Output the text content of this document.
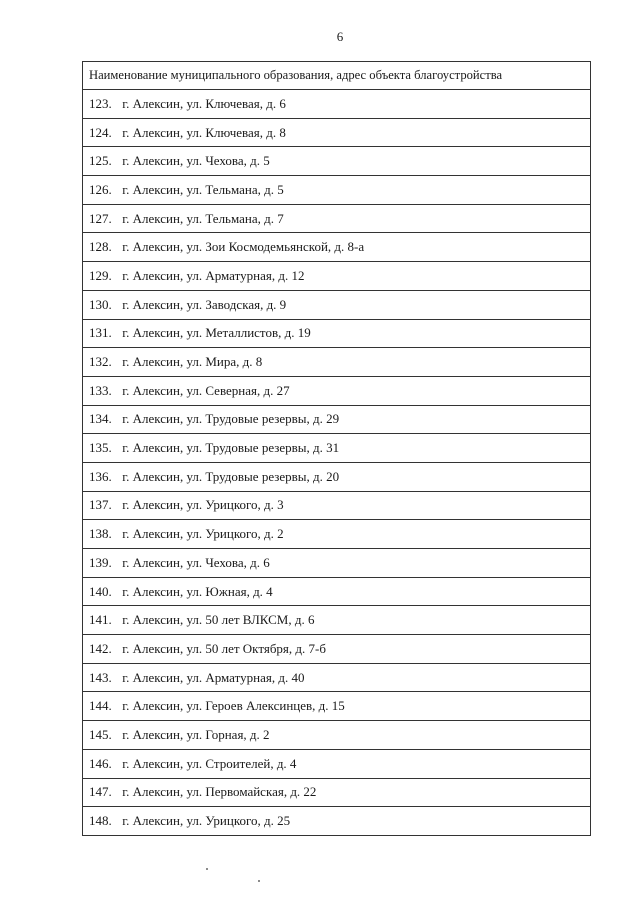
6
Наименование муниципального образования, адрес объекта благоустройства
123. г. Алексин, ул. Ключевая, д. 6
124. г. Алексин, ул. Ключевая, д. 8
125. г. Алексин, ул. Чехова, д. 5
126. г. Алексин, ул. Тельмана, д. 5
127. г. Алексин, ул. Тельмана, д. 7
128. г. Алексин, ул. Зои Космодемьянской, д. 8-а
129. г. Алексин, ул. Арматурная, д. 12
130. г. Алексин, ул. Заводская, д. 9
131. г. Алексин, ул. Металлистов, д. 19
132. г. Алексин, ул. Мира, д. 8
133. г. Алексин, ул. Северная, д. 27
134. г. Алексин, ул. Трудовые резервы, д. 29
135. г. Алексин, ул. Трудовые резервы, д. 31
136. г. Алексин, ул. Трудовые резервы, д. 20
137. г. Алексин, ул. Урицкого, д. 3
138. г. Алексин, ул. Урицкого, д. 2
139. г. Алексин, ул. Чехова, д. 6
140. г. Алексин, ул. Южная, д. 4
141. г. Алексин, ул. 50 лет ВЛКСМ, д. 6
142. г. Алексин, ул. 50 лет Октября, д. 7-б
143. г. Алексин, ул. Арматурная, д. 40
144. г. Алексин, ул. Героев Алексинцев, д. 15
145. г. Алексин, ул. Горная, д. 2
146. г. Алексин, ул. Строителей, д. 4
147. г. Алексин, ул. Первомайская, д. 22
148. г. Алексин, ул. Урицкого, д. 25
